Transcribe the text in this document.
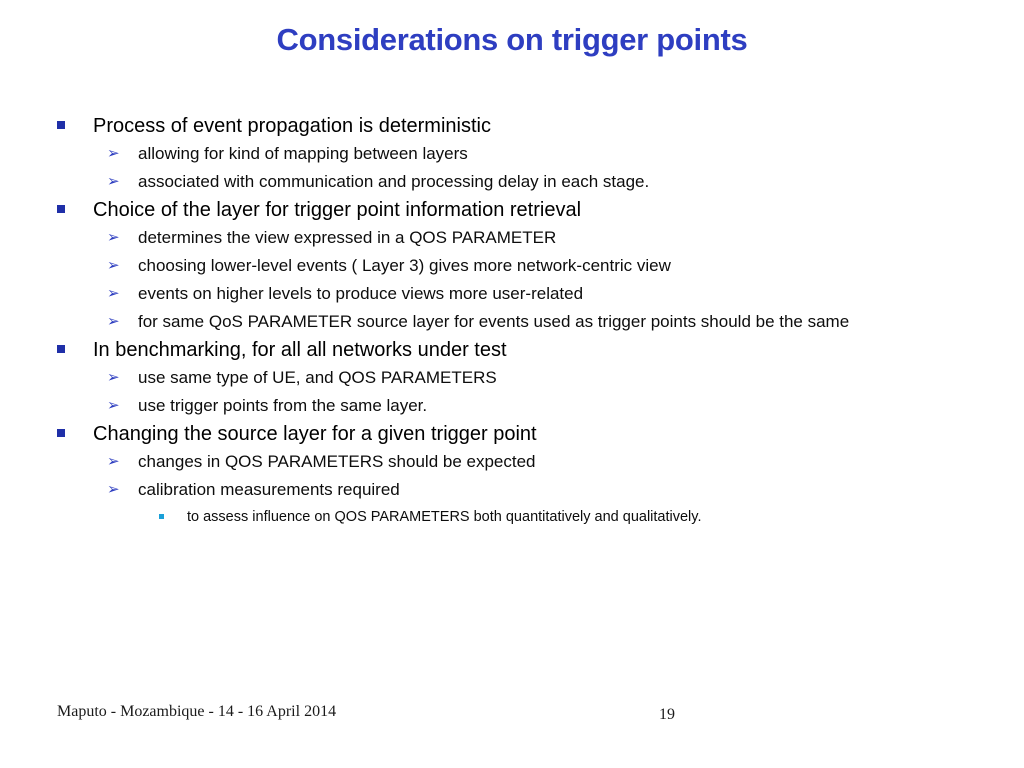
Considerations on trigger points
Process of event propagation is deterministic
➢ allowing for kind of mapping between layers
➢ associated with communication and processing delay in each stage.
Choice of the layer for trigger point information retrieval
➢ determines the view expressed in a QOS PARAMETER
➢ choosing lower-level events ( Layer 3) gives more network-centric view
➢ events on higher levels to produce views more user-related
➢ for same QoS PARAMETER source layer for events used as trigger points should be the same
In benchmarking, for all all networks under test
➢ use same type of UE, and QOS PARAMETERS
➢ use trigger points from the same layer.
Changing the source layer for a given trigger point
➢ changes in QOS PARAMETERS should be expected
➢ calibration measurements required
to assess influence on QOS PARAMETERS both quantitatively and qualitatively.
Maputo - Mozambique - 14 - 16 April 2014	19
